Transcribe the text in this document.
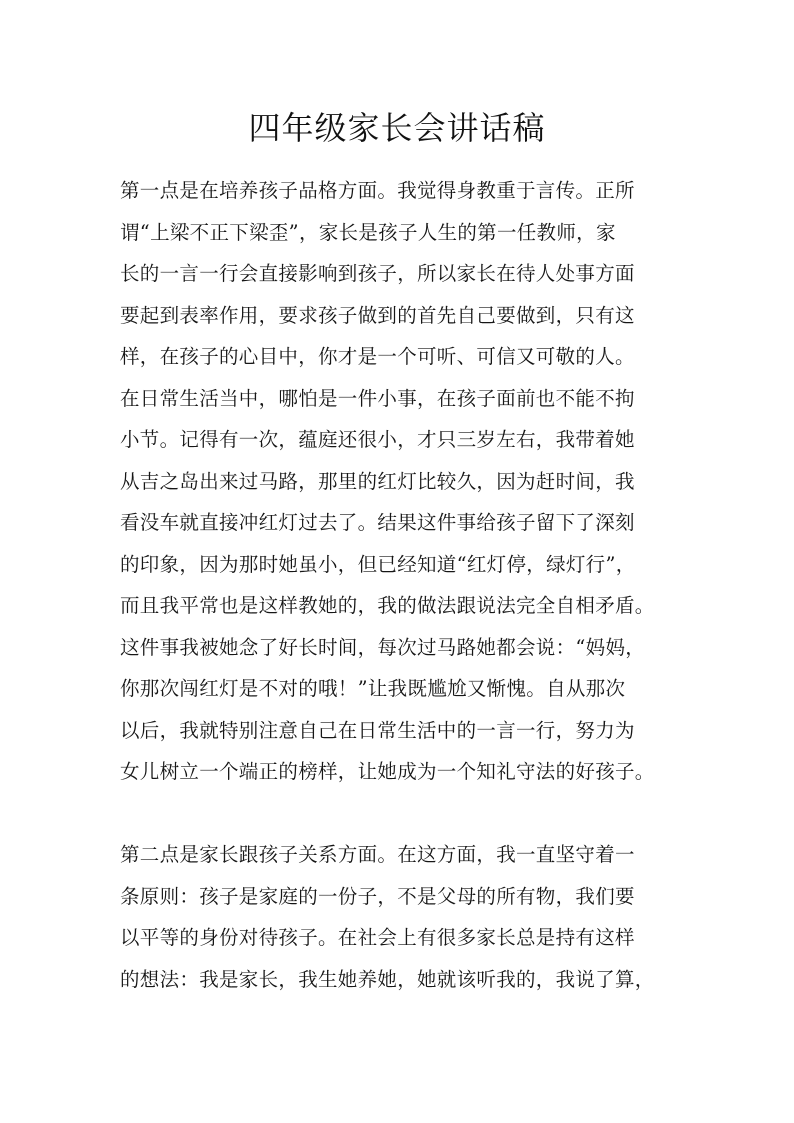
四年级家长会讲话稿
第一点是在培养孩子品格方面。我觉得身教重于言传。正所
谓“上梁不正下梁歪”，家长是孩子人生的第一任教师，家
长的一言一行会直接影响到孩子，所以家长在待人处事方面
要起到表率作用，要求孩子做到的首先自己要做到，只有这
样，在孩子的心目中，你才是一个可听、可信又可敬的人。
在日常生活当中，哪怕是一件小事，在孩子面前也不能不拘
小节。记得有一次，蕴庭还很小，才只三岁左右，我带着她
从吉之岛出来过马路，那里的红灯比较久，因为赶时间，我
看没车就直接冲红灯过去了。结果这件事给孩子留下了深刻
的印象，因为那时她虽小，但已经知道“红灯停，绿灯行”，
而且我平常也是这样教她的，我的做法跟说法完全自相矛盾。
这件事我被她念了好长时间，每次过马路她都会说：“妈妈，
你那次闯红灯是不对的哦！”让我既尴尬又惭愧。自从那次
以后，我就特别注意自己在日常生活中的一言一行，努力为
女儿树立一个端正的榜样，让她成为一个知礼守法的好孩子。
第二点是家长跟孩子关系方面。在这方面，我一直坚守着一
条原则：孩子是家庭的一份子，不是父母的所有物，我们要
以平等的身份对待孩子。在社会上有很多家长总是持有这样
的想法：我是家长，我生她养她，她就该听我的，我说了算，
